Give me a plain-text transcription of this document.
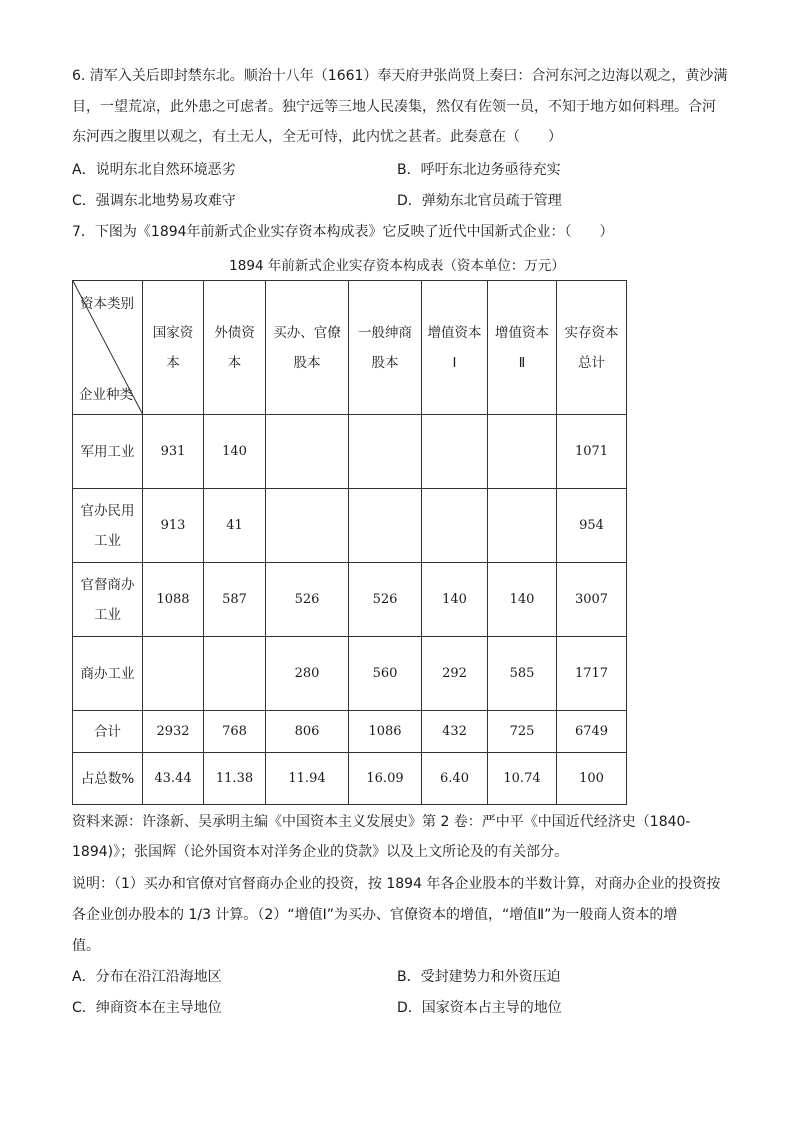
6. 清军入关后即封禁东北。顺治十八年（1661）奉天府尹张尚贤上奏曰：合河东河之边海以观之，黄沙满
目，一望荒凉，此外患之可虑者。独宁远等三地人民凑集，然仅有佐领一员，不知于地方如何料理。合河
东河西之腹里以观之，有土无人，全无可恃，此内忧之甚者。此奏意在（　　）
A．说明东北自然环境恶劣	B．呼吁东北边务亟待充实
C．强调东北地势易攻难守	D．弹劾东北官员疏于管理
7．下图为《1894年前新式企业实存资本构成表》它反映了近代中国新式企业：（　　）
1894 年前新式企业实存资本构成表（资本单位：万元）
资本类别
企业种类	国家资本	外债资本	买办、官僚股本	一般绅商股本	增值资本Ⅰ	增值资本Ⅱ	实存资本总计
军用工业	931	140					1071
官办民用工业	913	41					954
官督商办工业	1088	587	526	526	140	140	3007
商办工业			280	560	292	585	1717
合计	2932	768	806	1086	432	725	6749
占总数%	43.44	11.38	11.94	16.09	6.40	10.74	100
资料来源：许涤新、吴承明主编《中国资本主义发展史》第 2 卷：严中平《中国近代经济史（1840-
1894)》；张国辉（论外国资本对洋务企业的贷款》以及上文所论及的有关部分。
说明：（1）买办和官僚对官督商办企业的投资，按 1894 年各企业股本的半数计算，对商办企业的投资按
各企业创办股本的 1/3 计算。（2）“增值Ⅰ”为买办、官僚资本的增值，“增值Ⅱ”为一般商人资本的增
值。
A．分布在沿江沿海地区	B．受封建势力和外资压迫
C．绅商资本在主导地位	D．国家资本占主导的地位
